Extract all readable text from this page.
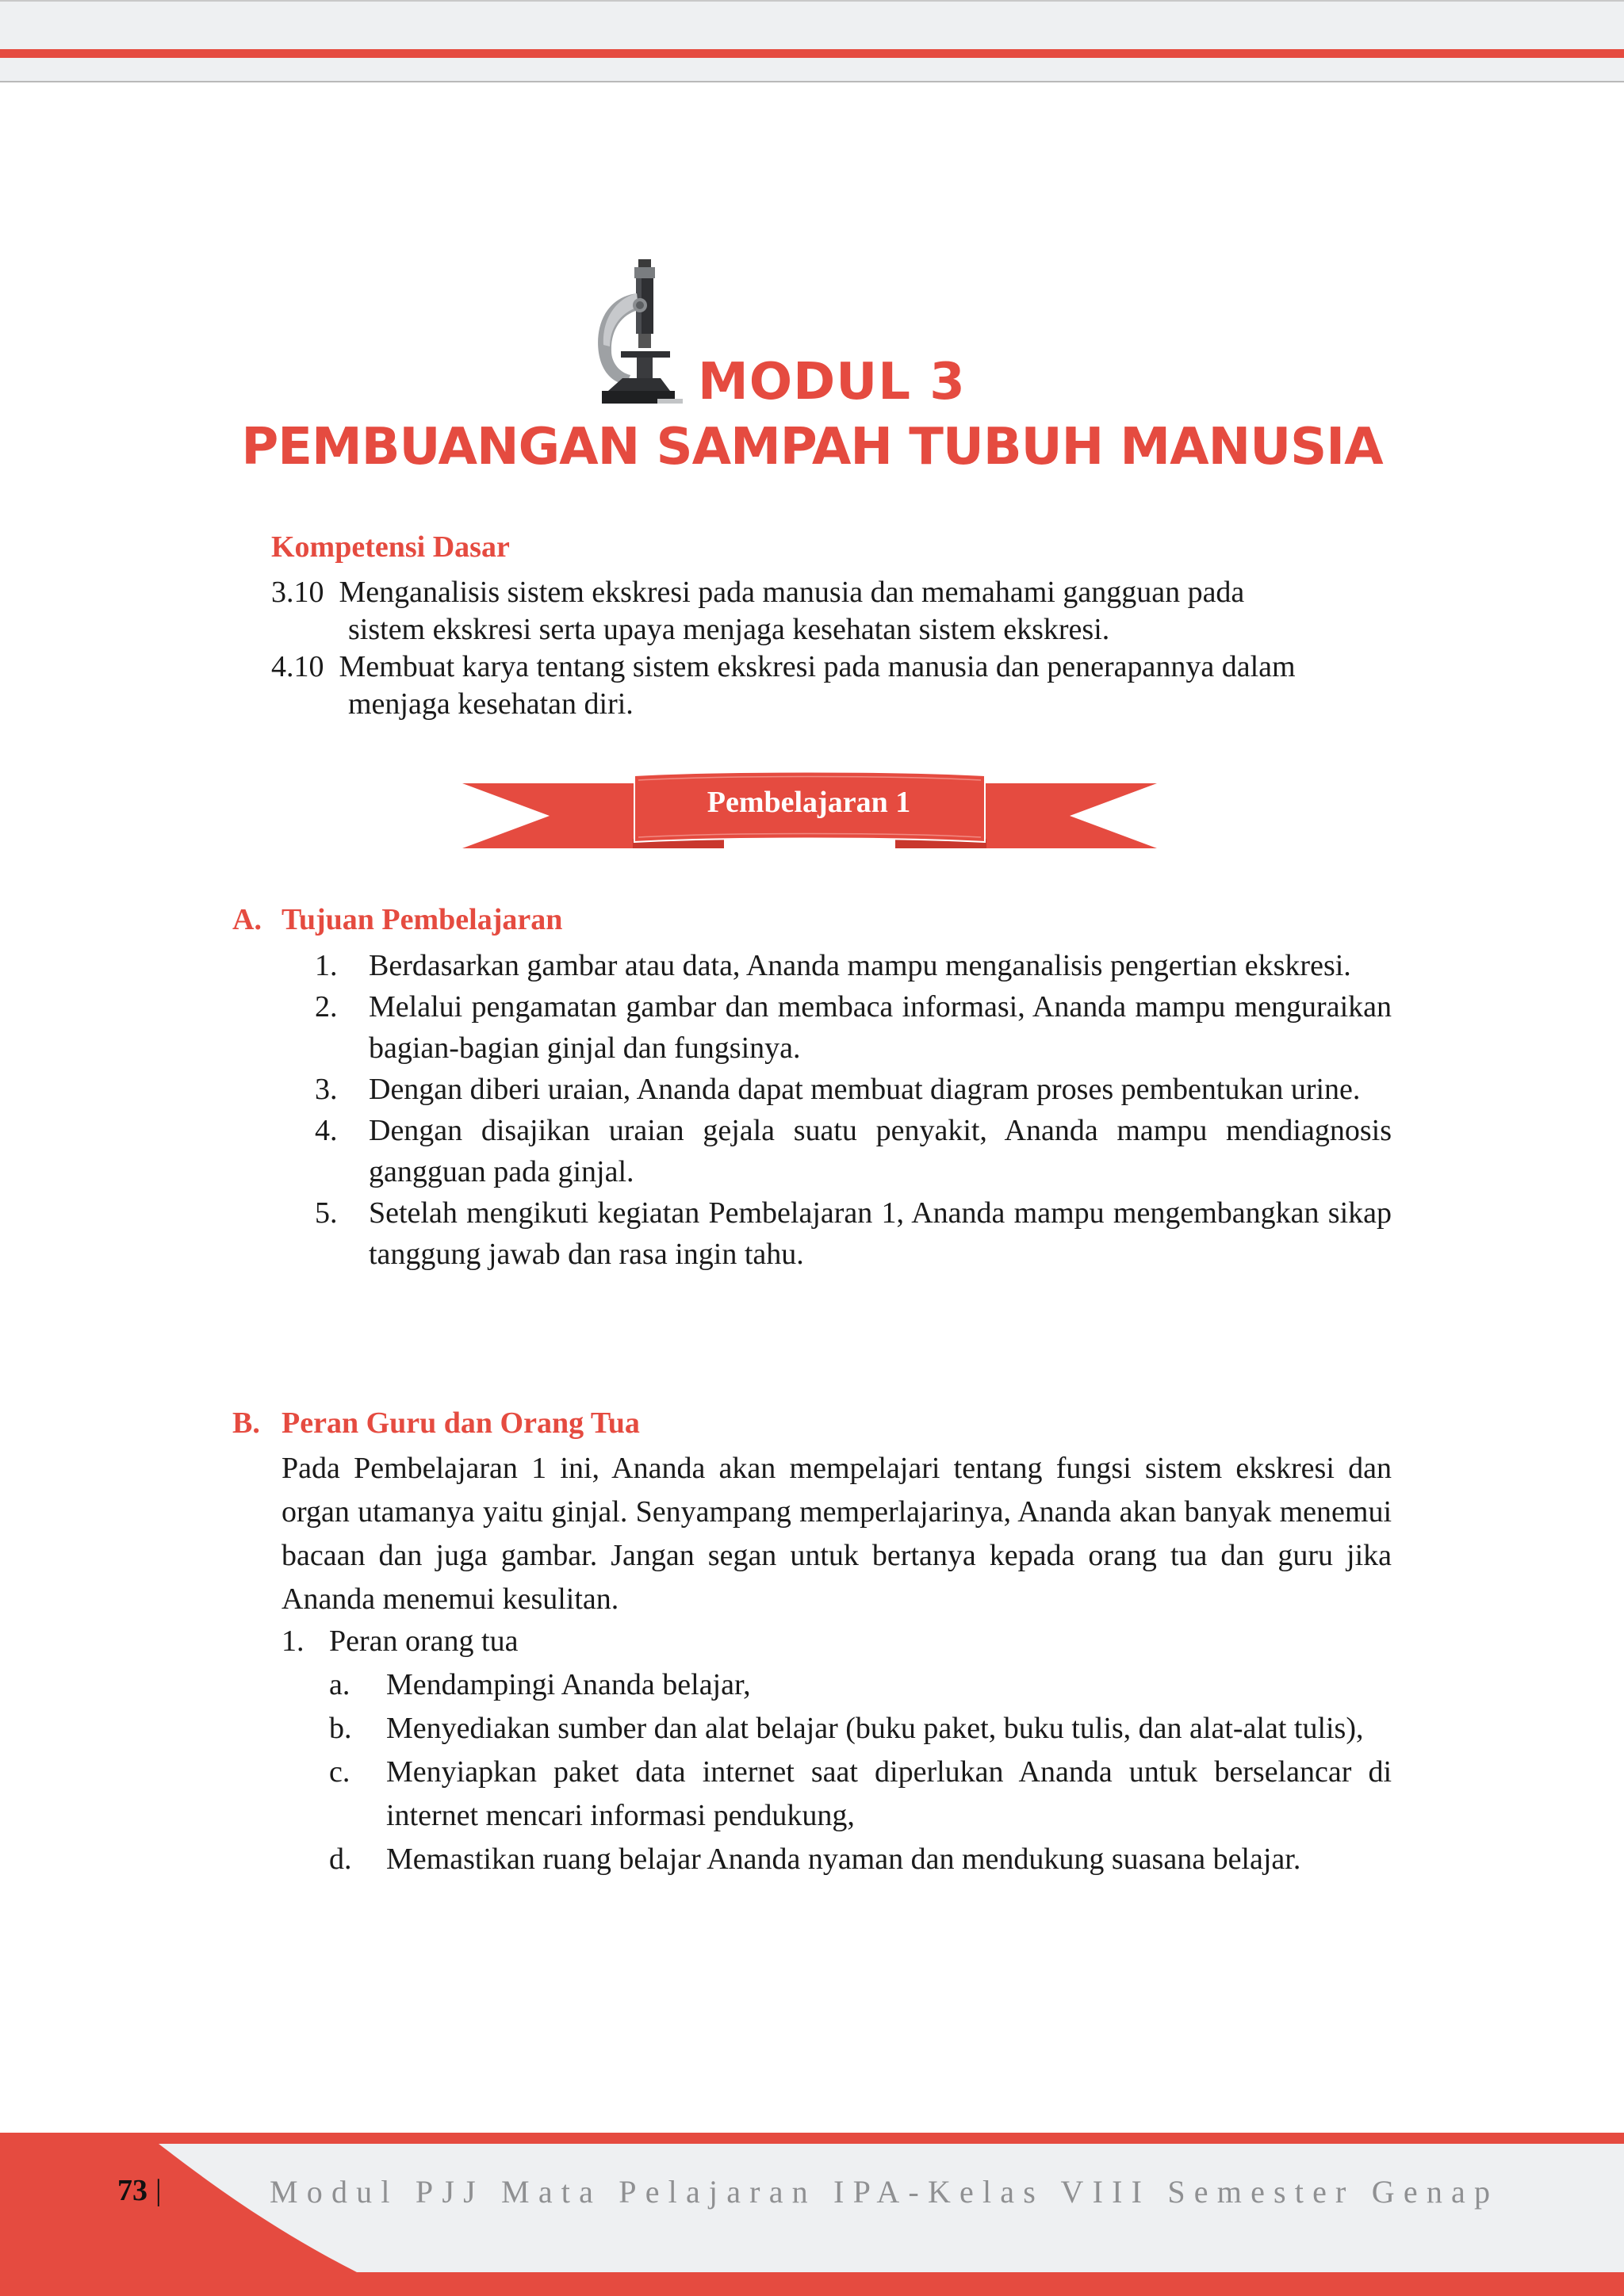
MODUL 3
PEMBUANGAN SAMPAH TUBUH MANUSIA
Kompetensi Dasar
3.10 Menganalisis sistem ekskresi pada manusia dan memahami gangguan pada
sistem ekskresi serta upaya menjaga kesehatan sistem ekskresi.
4.10 Membuat karya tentang sistem ekskresi pada manusia dan penerapannya dalam
menjaga kesehatan diri.
Pembelajaran 1
A. Tujuan Pembelajaran
1. Berdasarkan gambar atau data, Ananda mampu menganalisis pengertian ekskresi.
2. Melalui pengamatan gambar dan membaca informasi, Ananda mampu menguraikan bagian-bagian ginjal dan fungsinya.
3. Dengan diberi uraian, Ananda dapat membuat diagram proses pembentukan urine.
4. Dengan disajikan uraian gejala suatu penyakit, Ananda mampu mendiagnosis gangguan pada ginjal.
5. Setelah mengikuti kegiatan Pembelajaran 1, Ananda mampu mengembangkan sikap tanggung jawab dan rasa ingin tahu.
B. Peran Guru dan Orang Tua
Pada Pembelajaran 1 ini, Ananda akan mempelajari tentang fungsi sistem ekskresi dan organ utamanya yaitu ginjal. Senyampang memperlajarinya, Ananda akan banyak menemui bacaan dan juga gambar. Jangan segan untuk bertanya kepada orang tua dan guru jika Ananda menemui kesulitan.
1. Peran orang tua
a. Mendampingi Ananda belajar,
b. Menyediakan sumber dan alat belajar (buku paket, buku tulis, dan alat-alat tulis),
c. Menyiapkan paket data internet saat diperlukan Ananda untuk berselancar di internet mencari informasi pendukung,
d. Memastikan ruang belajar Ananda nyaman dan mendukung suasana belajar.
73 |	Modul PJJ Mata Pelajaran IPA-Kelas VIII Semester Genap
